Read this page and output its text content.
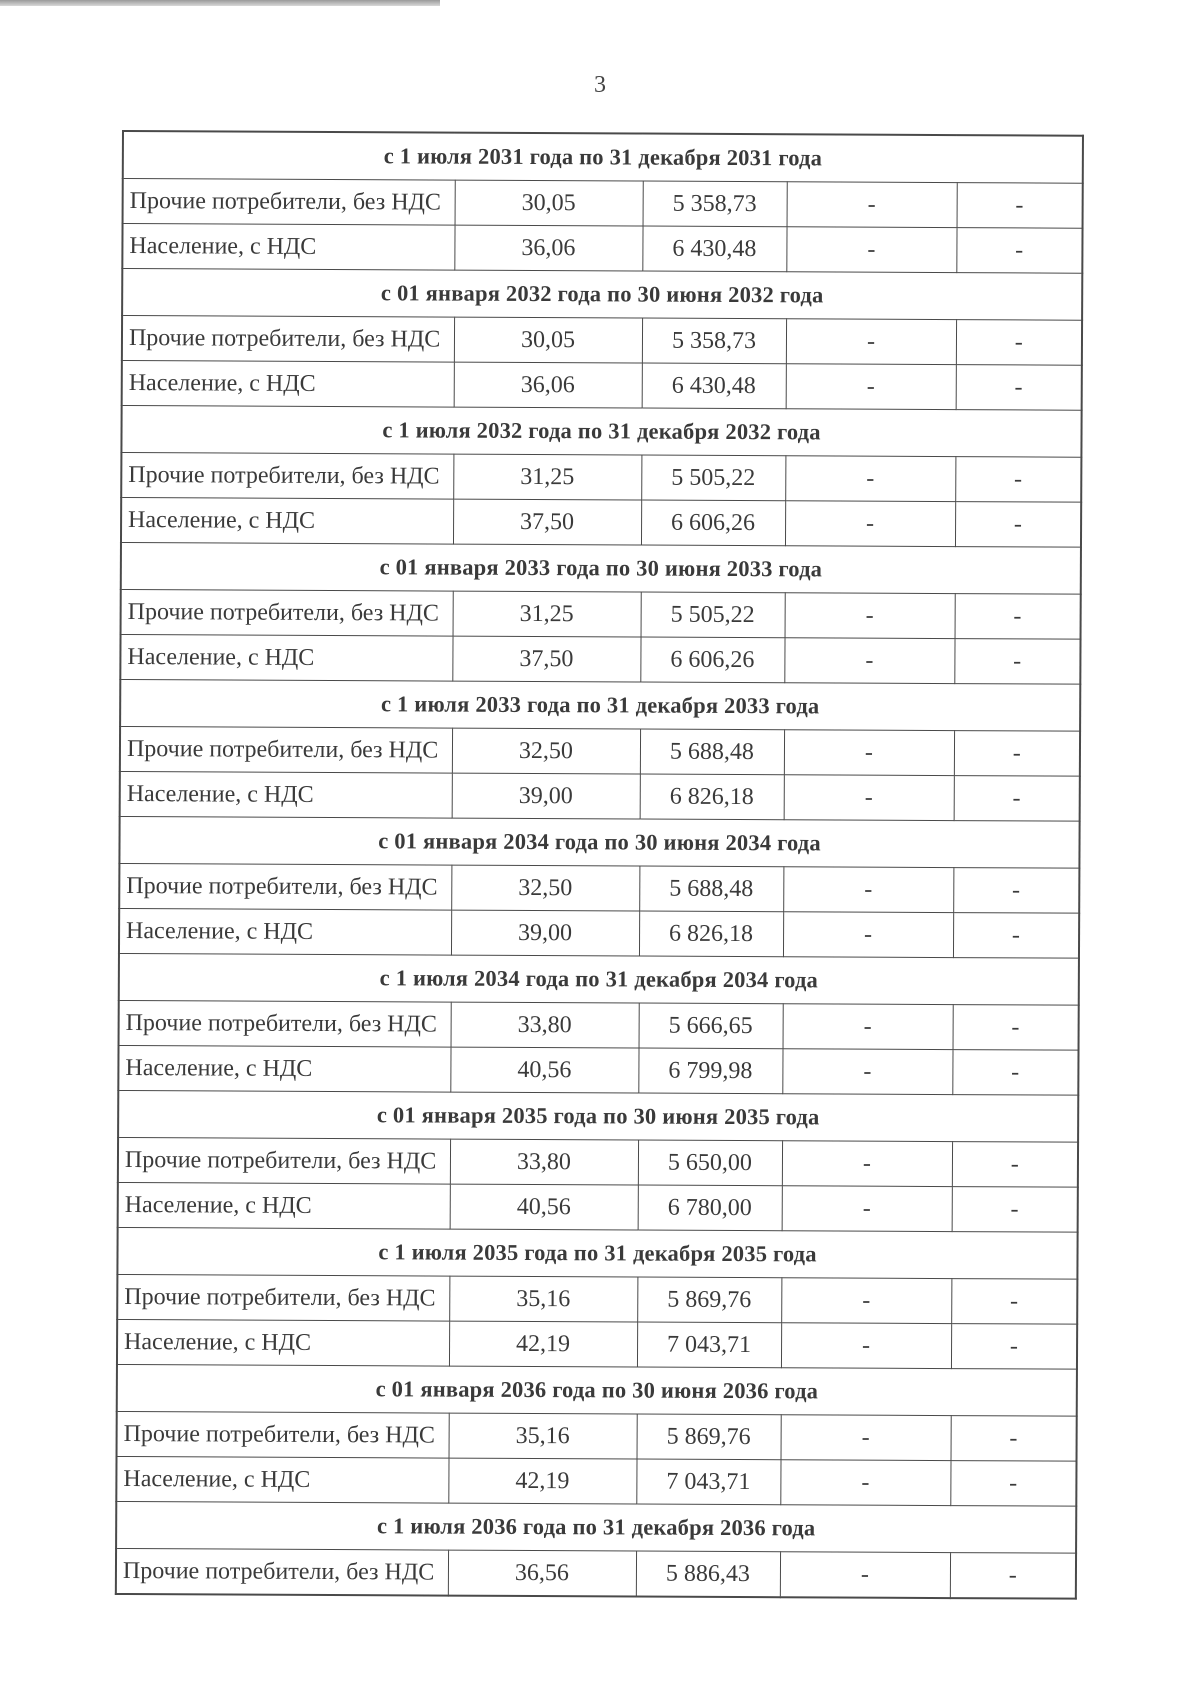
3
с 1 июля 2031 года по 31 декабря 2031 года				
Прочие потребители, без НДС	30,05	5 358,73	-	-
Население, с НДС	36,06	6 430,48	-	-
с 01 января 2032 года по 30 июня 2032 года				
Прочие потребители, без НДС	30,05	5 358,73	-	-
Население, с НДС	36,06	6 430,48	-	-
с 1 июля 2032 года по 31 декабря 2032 года				
Прочие потребители, без НДС	31,25	5 505,22	-	-
Население, с НДС	37,50	6 606,26	-	-
с 01 января 2033 года по 30 июня 2033 года				
Прочие потребители, без НДС	31,25	5 505,22	-	-
Население, с НДС	37,50	6 606,26	-	-
с 1 июля 2033 года по 31 декабря 2033 года				
Прочие потребители, без НДС	32,50	5 688,48	-	-
Население, с НДС	39,00	6 826,18	-	-
с 01 января 2034 года по 30 июня 2034 года				
Прочие потребители, без НДС	32,50	5 688,48	-	-
Население, с НДС	39,00	6 826,18	-	-
с 1 июля 2034 года по 31 декабря 2034 года				
Прочие потребители, без НДС	33,80	5 666,65	-	-
Население, с НДС	40,56	6 799,98	-	-
с 01 января 2035 года по 30 июня 2035 года				
Прочие потребители, без НДС	33,80	5 650,00	-	-
Население, с НДС	40,56	6 780,00	-	-
с 1 июля 2035 года по 31 декабря 2035 года				
Прочие потребители, без НДС	35,16	5 869,76	-	-
Население, с НДС	42,19	7 043,71	-	-
с 01 января 2036 года по 30 июня 2036 года				
Прочие потребители, без НДС	35,16	5 869,76	-	-
Население, с НДС	42,19	7 043,71	-	-
с 1 июля 2036 года по 31 декабря 2036 года				
Прочие потребители, без НДС	36,56	5 886,43	-	-
